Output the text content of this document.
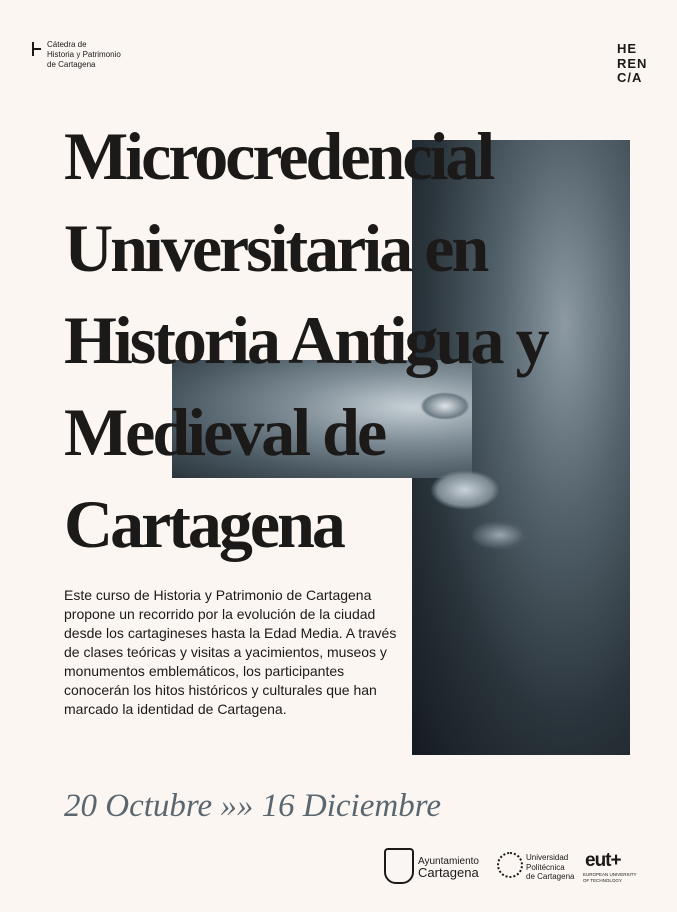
Cátedra de
Historia y Patrimonio
de Cartagena
HE
REN
C/A
Microcredencial
Universitaria en
Historia Antigua y
Medieval de
Cartagena

Este curso de Historia y Patrimonio de Cartagena propone un recorrido por la evolución de la ciudad desde los cartagineses hasta la Edad Media. A través de clases teóricas y visitas a yacimientos, museos y monumentos emblemáticos, los participantes conocerán los hitos históricos y culturales que han marcado la identidad de Cartagena.

20 Octubre »» 16 Diciembre
Ayuntamiento
Cartagena
Universidad
Politécnica
de Cartagena
eut+
EUROPEAN UNIVERSITY OF TECHNOLOGY
